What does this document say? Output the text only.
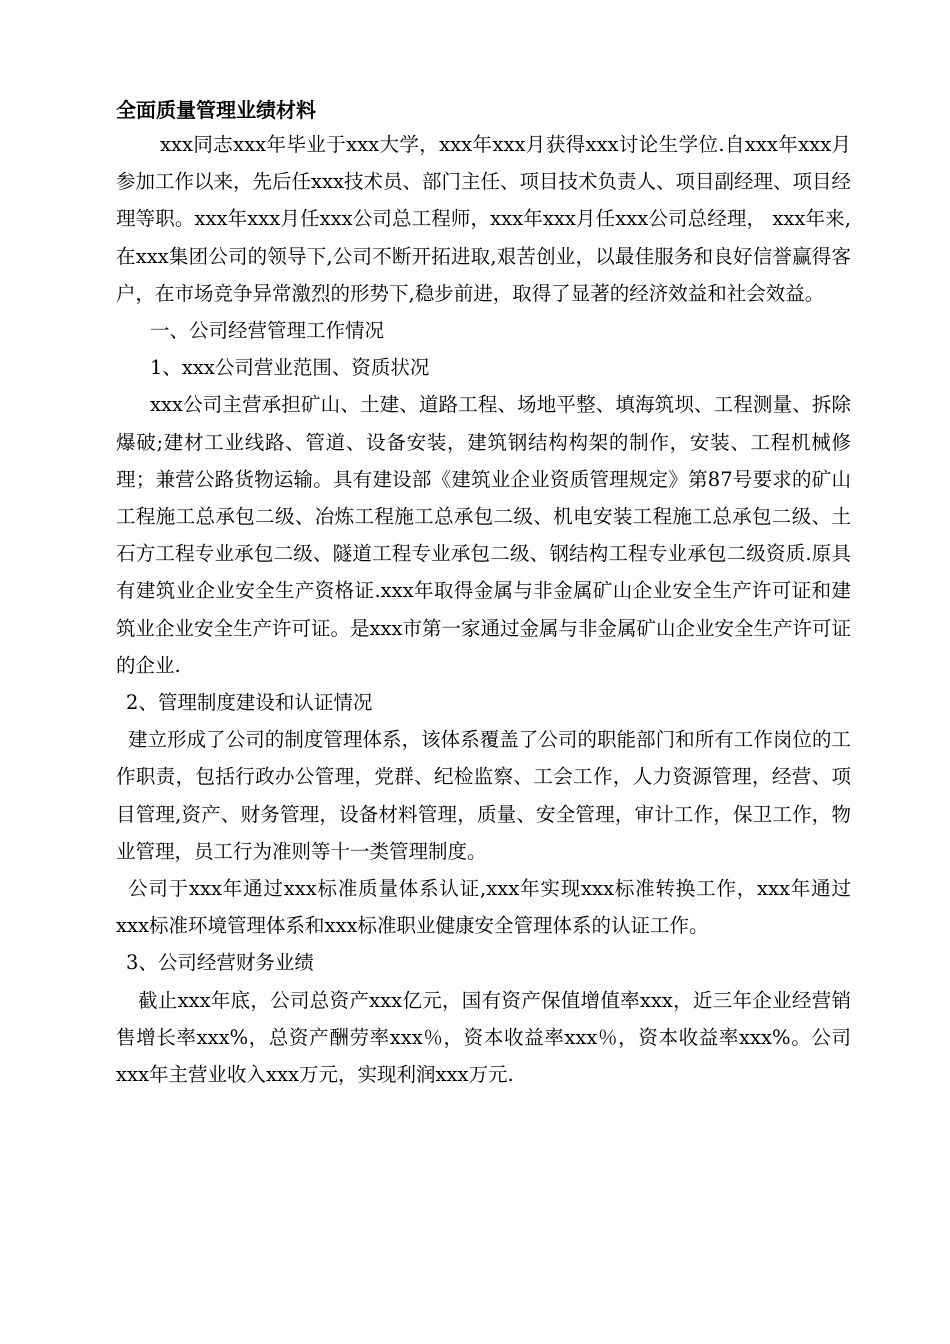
全面质量管理业绩材料

xxx同志xxx年毕业于xxx大学，xxx年xxx月获得xxx讨论生学位.自xxx年xxx月参加工作以来，先后任xxx技术员、部门主任、项目技术负责人、项目副经理、项目经理等职。xxx年xxx月任xxx公司总工程师，xxx年xxx月任xxx公司总经理， xxx年来,在xxx集团公司的领导下,公司不断开拓进取,艰苦创业，以最佳服务和良好信誉赢得客户，在市场竞争异常激烈的形势下,稳步前进，取得了显著的经济效益和社会效益。

一、公司经营管理工作情况

1、xxx公司营业范围、资质状况

xxx公司主营承担矿山、土建、道路工程、场地平整、填海筑坝、工程测量、拆除爆破;建材工业线路、管道、设备安装，建筑钢结构构架的制作，安装、工程机械修理；兼营公路货物运输。具有建设部《建筑业企业资质管理规定》第87号要求的矿山工程施工总承包二级、冶炼工程施工总承包二级、机电安装工程施工总承包二级、土石方工程专业承包二级、隧道工程专业承包二级、钢结构工程专业承包二级资质.原具有建筑业企业安全生产资格证.xxx年取得金属与非金属矿山企业安全生产许可证和建筑业企业安全生产许可证。是xxx市第一家通过金属与非金属矿山企业安全生产许可证的企业.

2、管理制度建设和认证情况

建立形成了公司的制度管理体系，该体系覆盖了公司的职能部门和所有工作岗位的工作职责，包括行政办公管理，党群、纪检监察、工会工作，人力资源管理，经营、项目管理,资产、财务管理，设备材料管理，质量、安全管理，审计工作，保卫工作，物业管理，员工行为准则等十一类管理制度。

公司于xxx年通过xxx标准质量体系认证,xxx年实现xxx标准转换工作，xxx年通过xxx标准环境管理体系和xxx标准职业健康安全管理体系的认证工作。

3、公司经营财务业绩

截止xxx年底，公司总资产xxx亿元，国有资产保值增值率xxx，近三年企业经营销售增长率xxx%，总资产酬劳率xxx％，资本收益率xxx％，资本收益率xxx%。公司xxx年主营业收入xxx万元，实现利润xxx万元.
